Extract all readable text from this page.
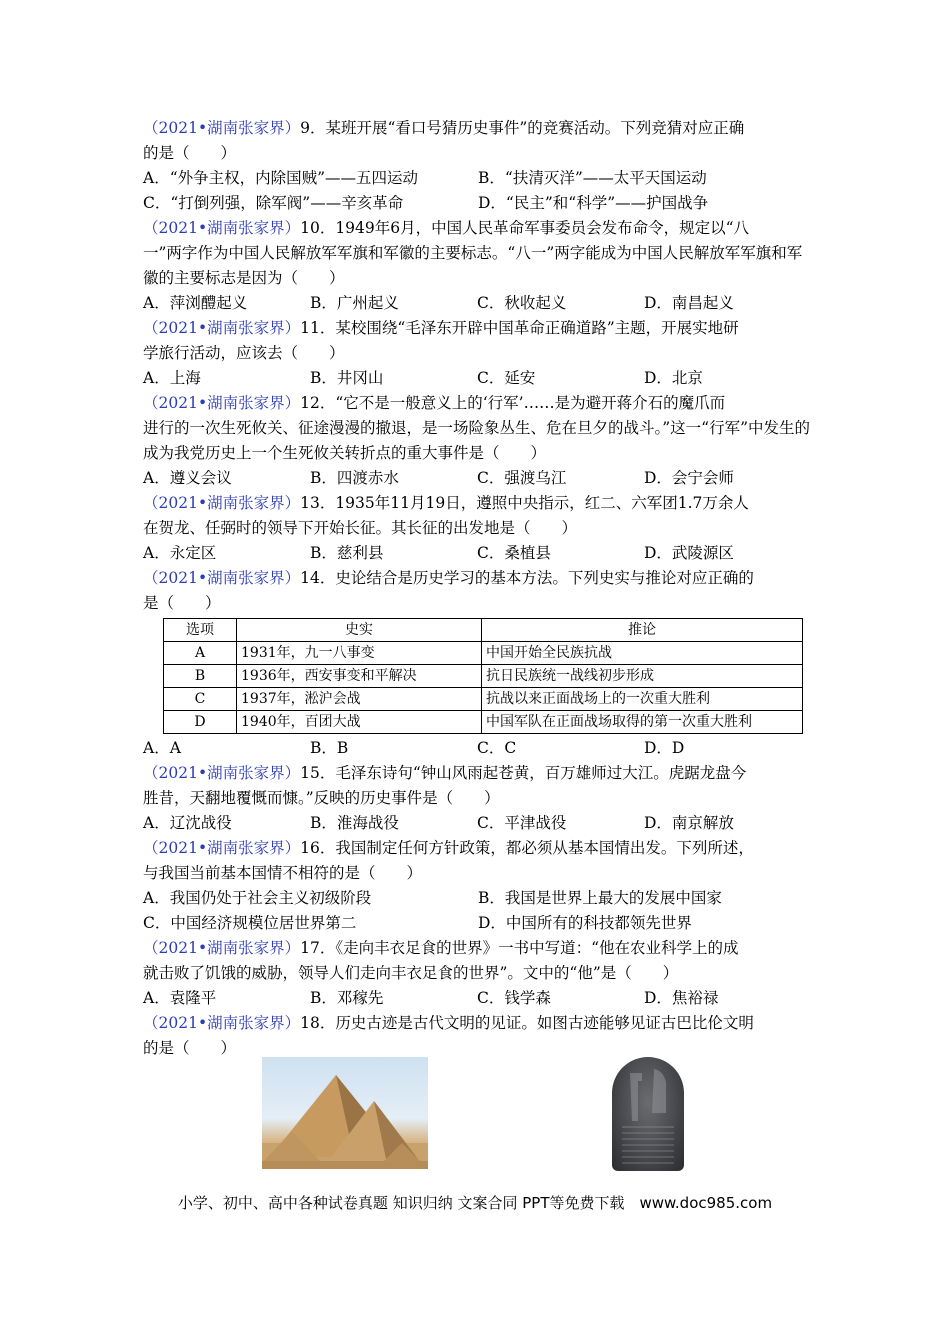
（2021•湖南张家界）9．某班开展“看口号猜历史事件”的竞赛活动。下列竞猜对应正确
的是（　　）

A．“外争主权，内除国贼”——五四运动	B．“扶清灭洋”——太平天国运动
C．“打倒列强，除军阀”——辛亥革命	D．“民主”和“科学”——护国战争

（2021•湖南张家界）10．1949年6月，中国人民革命军事委员会发布命令，规定以“八
一”两字作为中国人民解放军军旗和军徽的主要标志。“八一”两字能成为中国人民解放军军旗和军徽的主要标志是因为（　　）

A．萍浏醴起义	B．广州起义	C．秋收起义	D．南昌起义

（2021•湖南张家界）11．某校围绕“毛泽东开辟中国革命正确道路”主题，开展实地研
学旅行活动，应该去（　　）

A．上海	B．井冈山	C．延安	D．北京

（2021•湖南张家界）12．“它不是一般意义上的‘行军’……是为避开蒋介石的魔爪而
进行的一次生死攸关、征途漫漫的撤退，是一场险象丛生、危在旦夕的战斗。”这一“行军”中发生的成为我党历史上一个生死攸关转折点的重大事件是（　　）

A．遵义会议	B．四渡赤水	C．强渡乌江	D．会宁会师

（2021•湖南张家界）13．1935年11月19日，遵照中央指示，红二、六军团1.7万余人
在贺龙、任弼时的领导下开始长征。其长征的出发地是（　　）

A．永定区	B．慈利县	C．桑植县	D．武陵源区

（2021•湖南张家界）14．史论结合是历史学习的基本方法。下列史实与推论对应正确的
是（　　）

选项	史实	推论
A	1931年，九一八事变	中国开始全民族抗战
B	1936年，西安事变和平解决	抗日民族统一战线初步形成
C	1937年，淞沪会战	抗战以来正面战场上的一次重大胜利
D	1940年，百团大战	中国军队在正面战场取得的第一次重大胜利
A．A	B．B	C．C	D．D

（2021•湖南张家界）15．毛泽东诗句“钟山风雨起苍黄，百万雄师过大江。虎踞龙盘今
胜昔，天翻地覆慨而慷。”反映的历史事件是（　　）

A．辽沈战役	B．淮海战役	C．平津战役	D．南京解放

（2021•湖南张家界）16．我国制定任何方针政策，都必须从基本国情出发。下列所述，
与我国当前基本国情不相符的是（　　）

A．我国仍处于社会主义初级阶段	B．我国是世界上最大的发展中国家
C．中国经济规模位居世界第二	D．中国所有的科技都领先世界

（2021•湖南张家界）17．《走向丰衣足食的世界》一书中写道：“他在农业科学上的成
就击败了饥饿的威胁，领导人们走向丰衣足食的世界”。文中的“他”是（　　）

A．袁隆平	B．邓稼先	C．钱学森	D．焦裕禄

（2021•湖南张家界）18．历史古迹是古代文明的见证。如图古迹能够见证古巴比伦文明
的是（　　）

小学、初中、高中各种试卷真题 知识归纳 文案合同 PPT等免费下载　www.doc985.com
